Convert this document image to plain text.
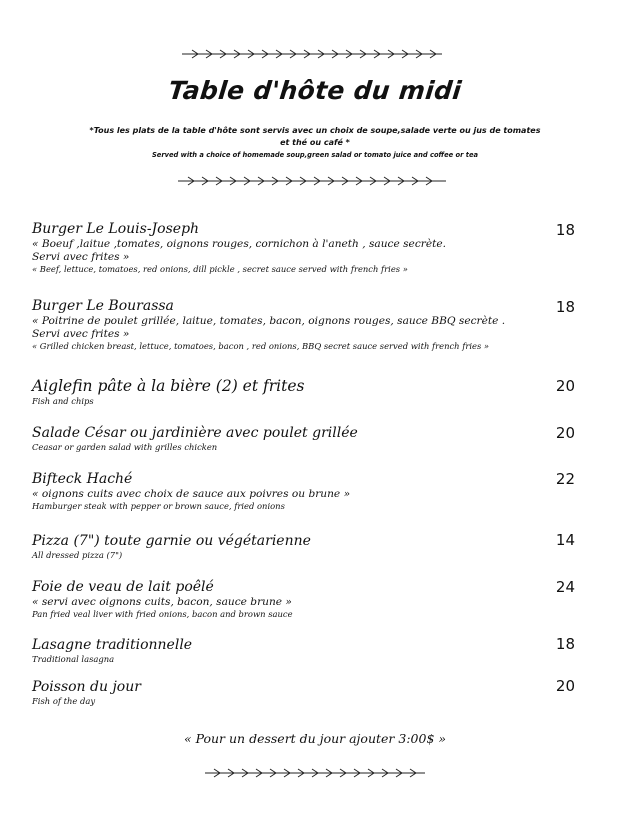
Table d'hôte du midi
*Tous les plats de la table d'hôte sont servis avec un choix de soupe,salade verte ou jus de tomates
et thé ou café *
Served with a choice of homemade soup,green salad or tomato juice and coffee or tea
Burger Le Louis-Joseph
« Boeuf ,laitue ,tomates, oignons rouges, cornichon à l'aneth , sauce secrète.
Servi avec frites »
« Beef, lettuce, tomatoes, red onions, dill pickle , secret sauce served with french fries »
18
Burger Le Bourassa
« Poitrine de poulet grillée, laitue, tomates, bacon, oignons rouges, sauce BBQ secrète .
Servi avec frites »
« Grilled chicken breast, lettuce, tomatoes, bacon , red onions, BBQ secret sauce served with french fries »
18
Aiglefin pâte à la bière (2) et frites
Fish and chips
20
Salade César ou jardinière avec poulet grillée
Ceasar or garden salad with grilles chicken
20
Bifteck Haché
« oignons cuits avec choix de sauce aux poivres ou brune »
Hamburger steak with pepper or brown sauce, fried onions
22
Pizza (7") toute garnie ou végétarienne
All dressed pizza (7")
14
Foie de veau de lait poêlé
« servi avec oignons cuits, bacon, sauce brune »
Pan fried veal liver with fried onions, bacon and brown sauce
24
Lasagne traditionnelle
Traditional lasagna
18
Poisson du jour
Fish of the day
20
« Pour un dessert du jour ajouter 3:00$ »
